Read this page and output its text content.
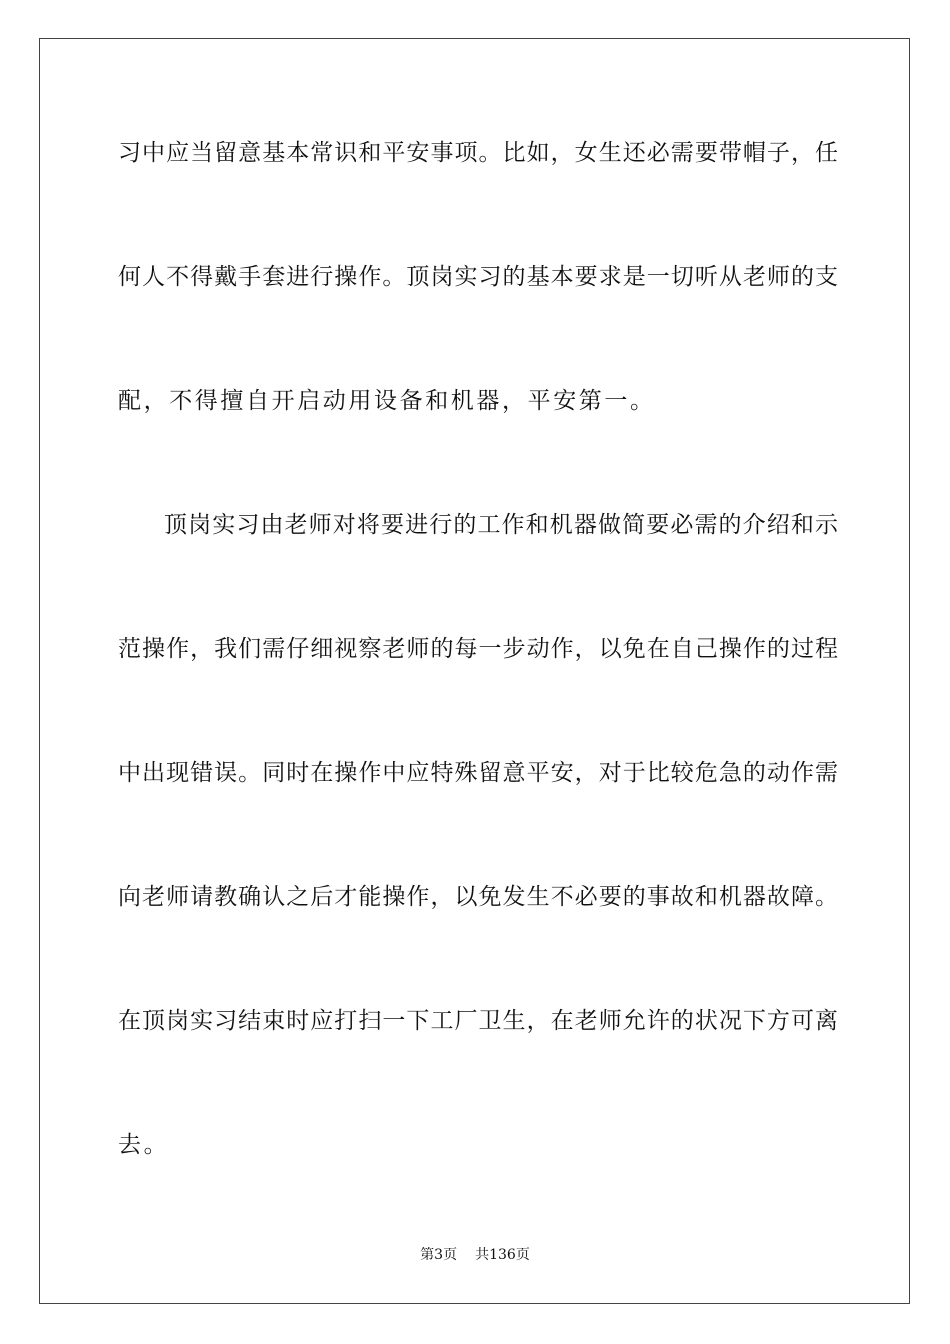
习中应当留意基本常识和平安事项。比如，女生还必需要带帽子，任
何人不得戴手套进行操作。顶岗实习的基本要求是一切听从老师的支
配，不得擅自开启动用设备和机器，平安第一。
顶岗实习由老师对将要进行的工作和机器做简要必需的介绍和示
范操作，我们需仔细视察老师的每一步动作，以免在自己操作的过程
中出现错误。同时在操作中应特殊留意平安，对于比较危急的动作需
向老师请教确认之后才能操作，以免发生不必要的事故和机器故障。
在顶岗实习结束时应打扫一下工厂卫生，在老师允许的状况下方可离
去。
第3页 共136页
